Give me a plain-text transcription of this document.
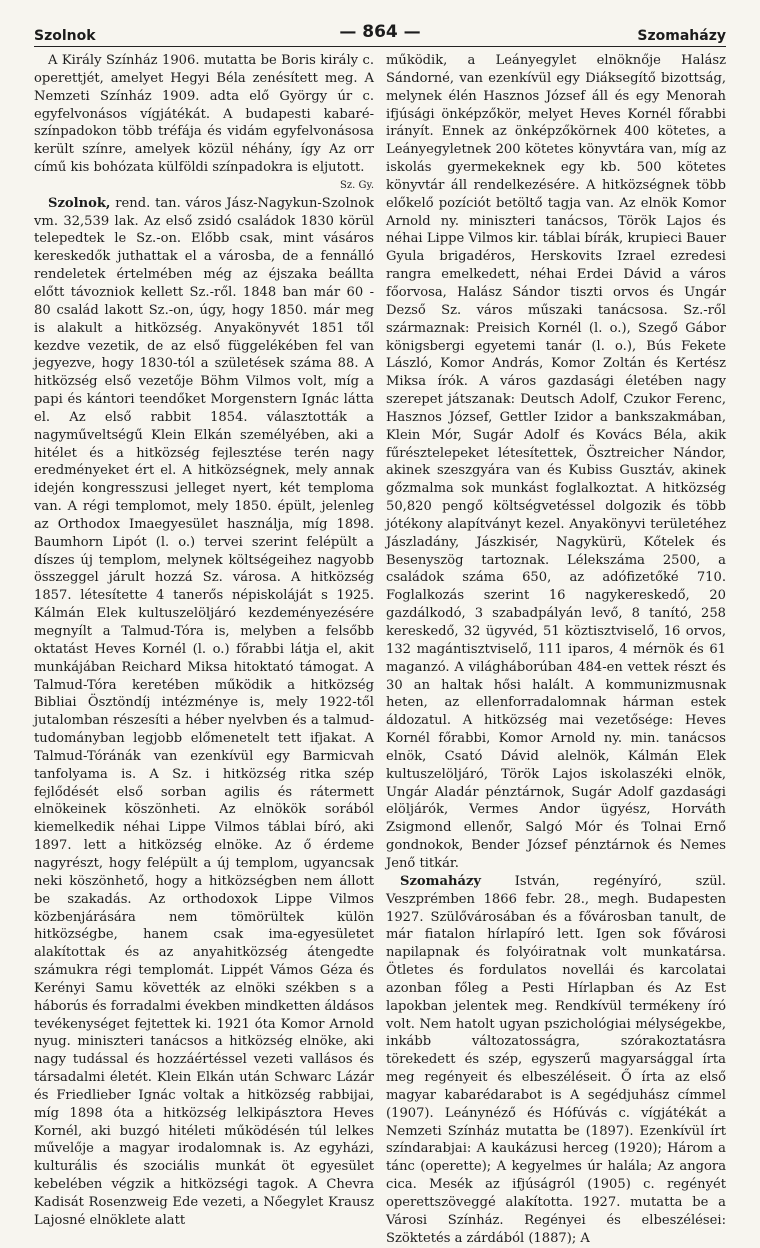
Szolnok	— 864 —	Szomaházy

A Király Színház 1906. mutatta be Boris király c. operettjét, amelyet Hegyi Béla zenésített meg. A Nemzeti Színház 1909. adta elő György úr c. egyfelvonásos vígjátékát. A budapesti kabaré-színpadokon több tréfája és vidám egyfelvonásosa került színre, amelyek közül néhány, így Az orr című kis bohózata külföldi színpadokra is eljutott.

Sz. Gy.

Szolnok, rend. tan. város Jász-Nagykun-Szolnok vm. 32,539 lak. Az első zsidó családok 1830 körül telepedtek le Sz.-on. Előbb csak, mint vásáros kereskedők juthattak el a városba, de a fennálló rendeletek értelmében még az éjszaka beállta előtt távozniok kellett Sz.-ről. 1848 ban már 60 - 80 család lakott Sz.-on, úgy, hogy 1850. már meg is alakult a hitközség. Anyakönyvét 1851 től kezdve vezetik, de az első függelékében fel van jegyezve, hogy 1830-tól a születések száma 88. A hitközség első vezetője Böhm Vilmos volt, míg a papi és kántori teendőket Morgenstern Ignác látta el. Az első rabbit 1854. választották a nagyműveltségű Klein Elkán személyében, aki a hitélet és a hitközség fejlesztése terén nagy eredményeket ért el. A hitközségnek, mely annak idején kongresszusi jelleget nyert, két temploma van. A régi templomot, mely 1850. épült, jelenleg az Orthodox Imaegyesület használja, míg 1898. Baumhorn Lipót (l. o.) tervei szerint felépült a díszes új templom, melynek költségeihez nagyobb összeggel járult hozzá Sz. városa. A hitközség 1857. létesítette 4 tanerős népiskoláját s 1925. Kálmán Elek kultuszelöljáró kezdeményezésére megnyílt a Talmud-Tóra is, melyben a felsőbb oktatást Heves Kornél (l. o.) főrabbi látja el, akit munkájában Reichard Miksa hitoktató támogat. A Talmud-Tóra keretében működik a hitközség Bibliai Ösztöndíj intézménye is, mely 1922-től jutalomban részesíti a héber nyelvben és a talmud-tudományban legjobb előmenetelt tett ifjakat. A Talmud-Tóránák van ezenkívül egy Barmicvah tanfolyama is. A Sz. i hitközség ritka szép fejlődését első sorban agilis és rátermett elnökeinek köszönheti. Az elnökök sorából kiemelkedik néhai Lippe Vilmos táblai bíró, aki 1897. lett a hitközség elnöke. Az ő érdeme nagyrészt, hogy felépült a új templom, ugyancsak neki köszönhető, hogy a hitközségben nem állott be szakadás. Az orthodoxok Lippe Vilmos közbenjárására nem tömörültek külön hitközségbe, hanem csak ima-egyesületet alakítottak és az anyahitközség átengedte számukra régi templomát. Lippét Vámos Géza és Kerényi Samu követték az elnöki székben s a háborús és forradalmi években mindketten áldásos tevékenységet fejtettek ki. 1921 óta Komor Arnold nyug. miniszteri tanácsos a hitközség elnöke, aki nagy tudással és hozzáértéssel vezeti vallásos és társadalmi életét. Klein Elkán után Schwarc Lázár és Friedlieber Ignác voltak a hitközség rabbijai, míg 1898 óta a hitközség lelkipásztora Heves Kornél, aki buzgó hitéleti működésén túl lelkes művelője a magyar irodalomnak is. Az egyházi, kulturális és szociális munkát öt egyesület kebelében végzik a hitközségi tagok. A Chevra Kadisát Rosenzweig Ede vezeti, a Nőegylet Krausz Lajosné elnöklete alatt

működik, a Leányegylet elnöknője Halász Sándorné, van ezenkívül egy Diáksegítő bizottság, melynek élén Hasznos József áll és egy Menorah ifjúsági önképzőkör, melyet Heves Kornél főrabbi irányít. Ennek az önképzőkörnek 400 kötetes, a Leányegyletnek 200 kötetes könyvtára van, míg az iskolás gyermekeknek egy kb. 500 kötetes könyvtár áll rendelkezésére. A hitközségnek több előkelő pozíciót betöltő tagja van. Az elnök Komor Arnold ny. miniszteri tanácsos, Török Lajos és néhai Lippe Vilmos kir. táblai bírák, krupieci Bauer Gyula brigadéros, Herskovits Izrael ezredesi rangra emelkedett, néhai Erdei Dávid a város főorvosa, Halász Sándor tiszti orvos és Ungár Dezső Sz. város műszaki tanácsosa. Sz.-ről származnak: Preisich Kornél (l. o.), Szegő Gábor königsbergi egyetemi tanár (l. o.), Bús Fekete László, Komor András, Komor Zoltán és Kertész Miksa írók. A város gazdasági életében nagy szerepet játszanak: Deutsch Adolf, Czukor Ferenc, Hasznos József, Gettler Izidor a bankszakmában, Klein Mór, Sugár Adolf és Kovács Béla, akik fűrésztelepeket létesítettek, Ösztreicher Nándor, akinek szeszgyára van és Kubiss Gusztáv, akinek gőzmalma sok munkást foglalkoztat. A hitközség 50,820 pengő költségvetéssel dolgozik és több jótékony alapítványt kezel. Anyakönyvi területéhez Jászladány, Jászkisér, Nagykürü, Kőtelek és Besenyszög tartoznak. Lélekszáma 2500, a családok száma 650, az adófizetőké 710. Foglalkozás szerint 16 nagykereskedő, 20 gazdálkodó, 3 szabadpályán levő, 8 tanító, 258 kereskedő, 32 ügyvéd, 51 köztisztviselő, 16 orvos, 132 magántisztviselő, 111 iparos, 4 mérnök és 61 maganzó. A világháborúban 484-en vettek részt és 30 an haltak hősi halált. A kommunizmusnak heten, az ellenforradalomnak hárman estek áldozatul. A hitközség mai vezetősége: Heves Kornél főrabbi, Komor Arnold ny. min. tanácsos elnök, Csató Dávid alelnök, Kálmán Elek kultuszelöljáró, Török Lajos iskolaszéki elnök, Ungár Aladár pénztárnok, Sugár Adolf gazdasági elöljárók, Vermes Andor ügyész, Horváth Zsigmond ellenőr, Salgó Mór és Tolnai Ernő gondnokok, Bender József pénztárnok és Nemes Jenő titkár.

Szomaházy	István, regényíró, szül. Veszprémben 1866 febr. 28., megh. Budapesten 1927. Szülővárosában és a fővárosban tanult, de már fiatalon hírlapíró lett. Igen sok fővárosi napilapnak és folyóiratnak volt munkatársa. Ötletes és fordulatos novellái és karcolatai azonban főleg a Pesti Hírlapban és Az Est lapokban jelentek meg. Rendkívül termékeny író volt. Nem hatolt ugyan pszichológiai mélységekbe, inkább változatosságra, szórakoztatásra törekedett és szép, egyszerű magyarsággal írta meg regényeit és elbeszéléseit. Ő írta az első magyar kabarédarabot is A segédjuhász címmel (1907). Leánynéző és Hófúvás c. vígjátékát a Nemzeti Színház mutatta be (1897). Ezenkívül írt színdarabjai: A kaukázusi herceg (1920); Három a tánc (operette); A kegyelmes úr halála; Az angora cica. Mesék az ifjúságról (1905) c. regényét operettszöveggé alakította. 1927. mutatta be a Városi Színház. Regényei és elbeszélései: Szöktetés a zárdából (1887); A
